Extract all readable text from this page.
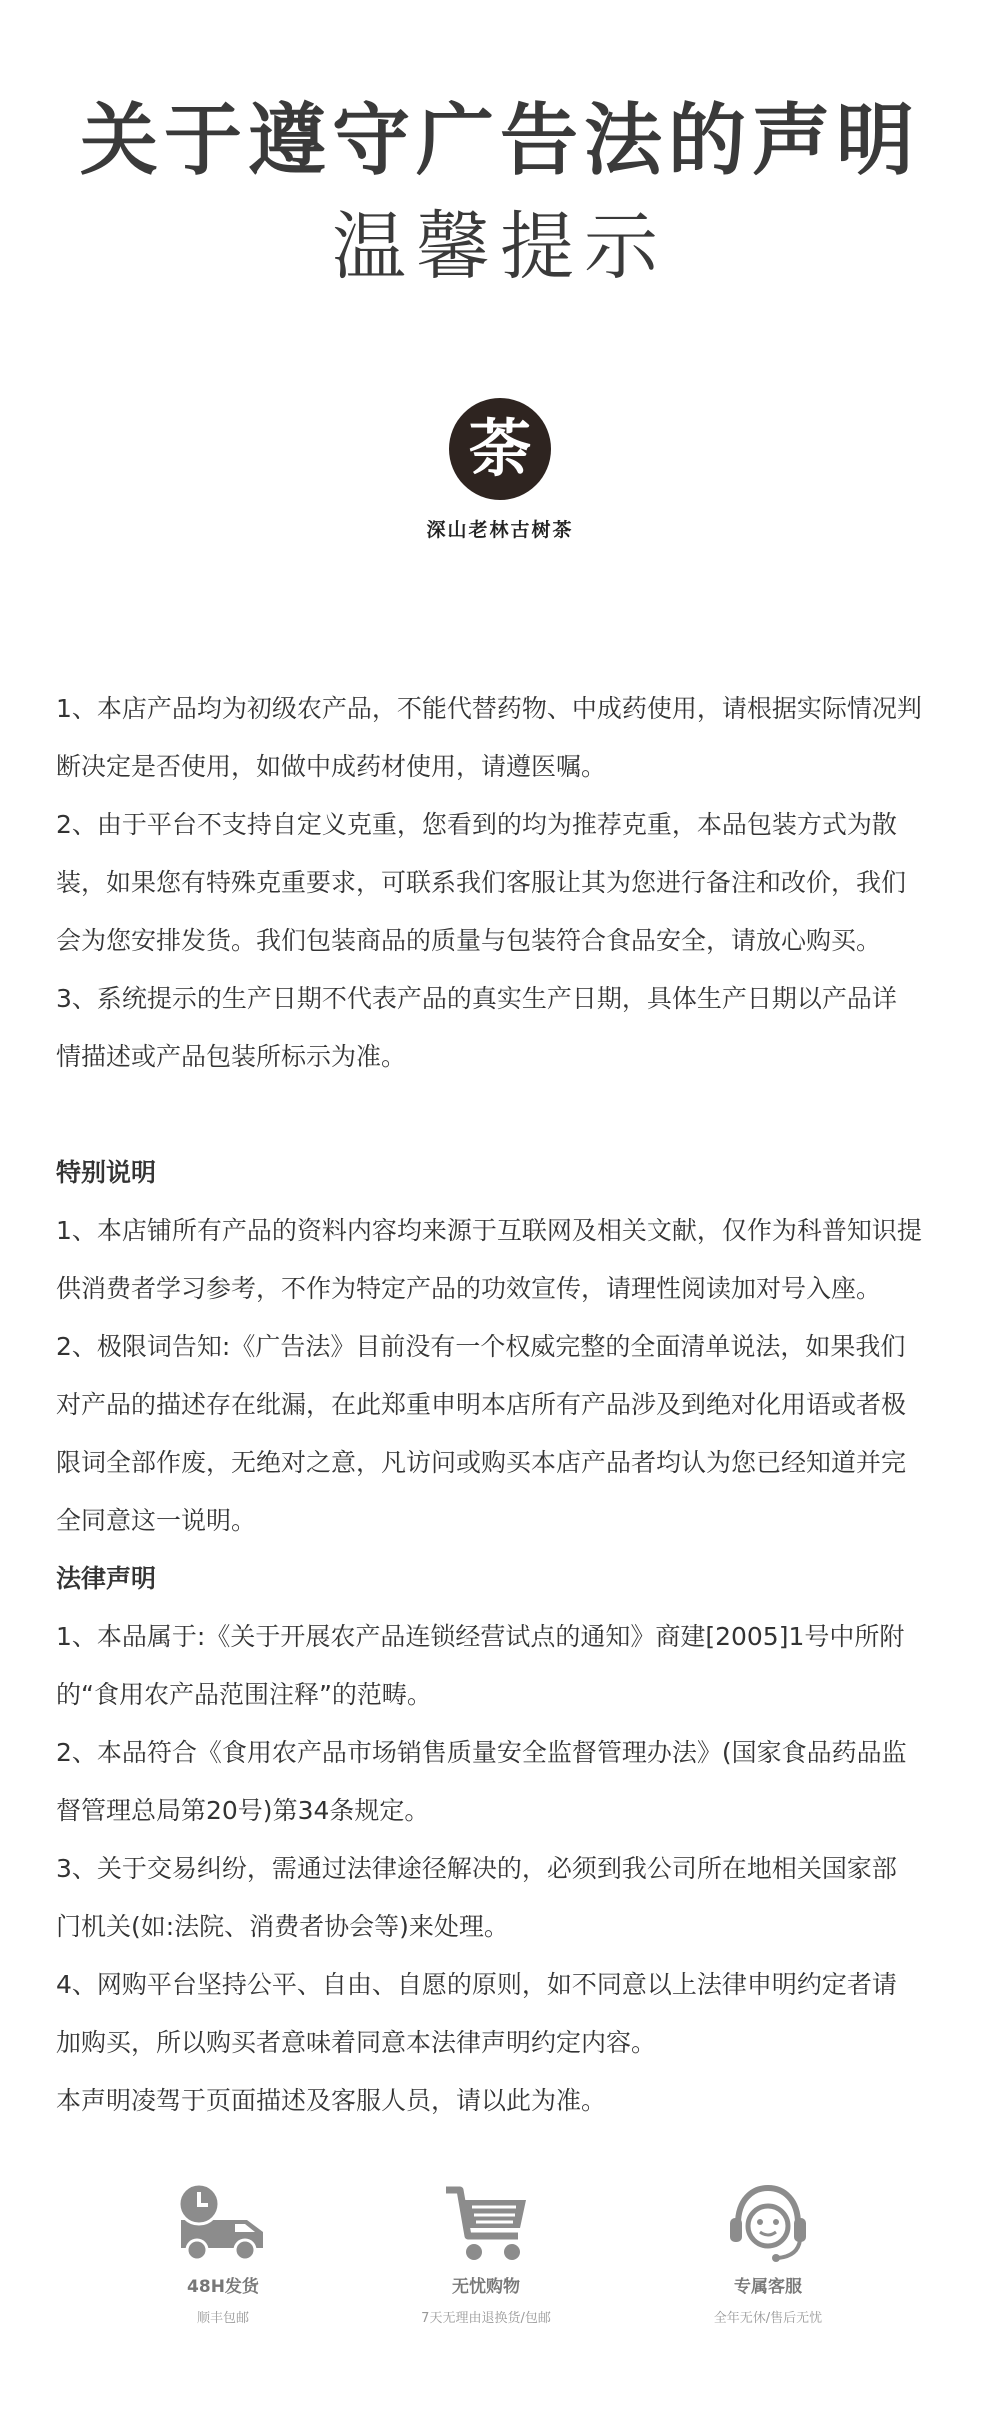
关于遵守广告法的声明
温馨提示
荼
深山老林古树茶
1、本店产品均为初级农产品，不能代替药物、中成药使用，请根据实际情况判
断决定是否使用，如做中成药材使用，请遵医嘱。
2、由于平台不支持自定义克重，您看到的均为推荐克重，本品包装方式为散
装，如果您有特殊克重要求，可联系我们客服让其为您进行备注和改价，我们
会为您安排发货。我们包装商品的质量与包装符合食品安全，请放心购买。
3、系统提示的生产日期不代表产品的真实生产日期，具体生产日期以产品详
情描述或产品包装所标示为准。
特别说明
1、本店铺所有产品的资料内容均来源于互联网及相关文献，仅作为科普知识提
供消费者学习参考，不作为特定产品的功效宣传，请理性阅读加对号入座。
2、极限词告知:《广告法》目前没有一个权威完整的全面清单说法，如果我们
对产品的描述存在纰漏，在此郑重申明本店所有产品涉及到绝对化用语或者极
限词全部作废，无绝对之意，凡访问或购买本店产品者均认为您已经知道并完
全同意这一说明。
法律声明
1、本品属于:《关于开展农产品连锁经营试点的通知》商建[2005]1号中所附
的“食用农产品范围注释”的范畴。
2、本品符合《食用农产品市场销售质量安全监督管理办法》(国家食品药品监
督管理总局第20号)第34条规定。
3、关于交易纠纷，需通过法律途径解决的，必须到我公司所在地相关国家部
门机关(如:法院、消费者协会等)来处理。
4、网购平台坚持公平、自由、自愿的原则，如不同意以上法律申明约定者请
加购买，所以购买者意味着同意本法律声明约定内容。
本声明凌驾于页面描述及客服人员，请以此为准。
48H发货
顺丰包邮
无忧购物
7天无理由退换货/包邮
专属客服
全年无休/售后无忧
